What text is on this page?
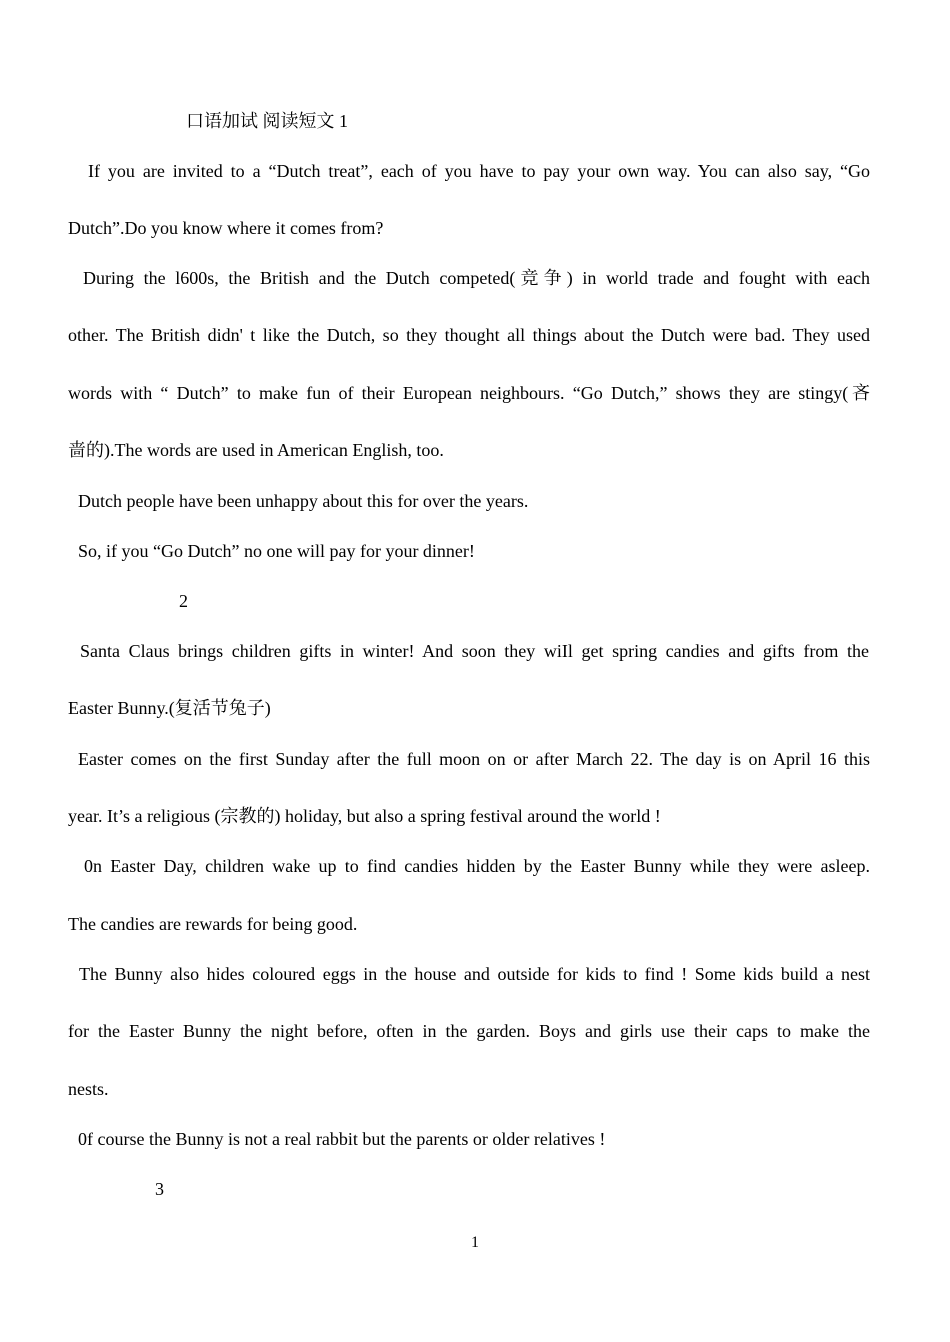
口语加试 阅读短文 1
If you are invited to a “Dutch treat”, each of you have to pay your own way. You can also say, “Go
Dutch”.Do you know where it comes from?
During the l600s, the British and the Dutch competed(竞争) in world trade and fought with each
other. The British didn' t like the Dutch, so they thought all things about the Dutch were bad. They used
words with “ Dutch” to make fun of their European neighbours. “Go Dutch,” shows they are stingy(吝
啬的).The words are used in American English, too.
Dutch people have been unhappy about this for over the years.
So, if you “Go Dutch” no one will pay for your dinner!
2
Santa Claus brings children gifts in winter! And soon they wiIl get spring candies and gifts from the
Easter Bunny.(复活节兔子)
Easter comes on the first Sunday after the full moon on or after March 22. The day is on April 16 this
year. It’s a religious (宗教的) holiday, but also a spring festival around the world !
0n Easter Day, children wake up to find candies hidden by the Easter Bunny while they were asleep.
The candies are rewards for being good.
The Bunny also hides coloured eggs in the house and outside for kids to find ! Some kids build a nest
for the Easter Bunny the night before, often in the garden. Boys and girls use their caps to make the
nests.
0f course the Bunny is not a real rabbit but the parents or older relatives !
3
1
